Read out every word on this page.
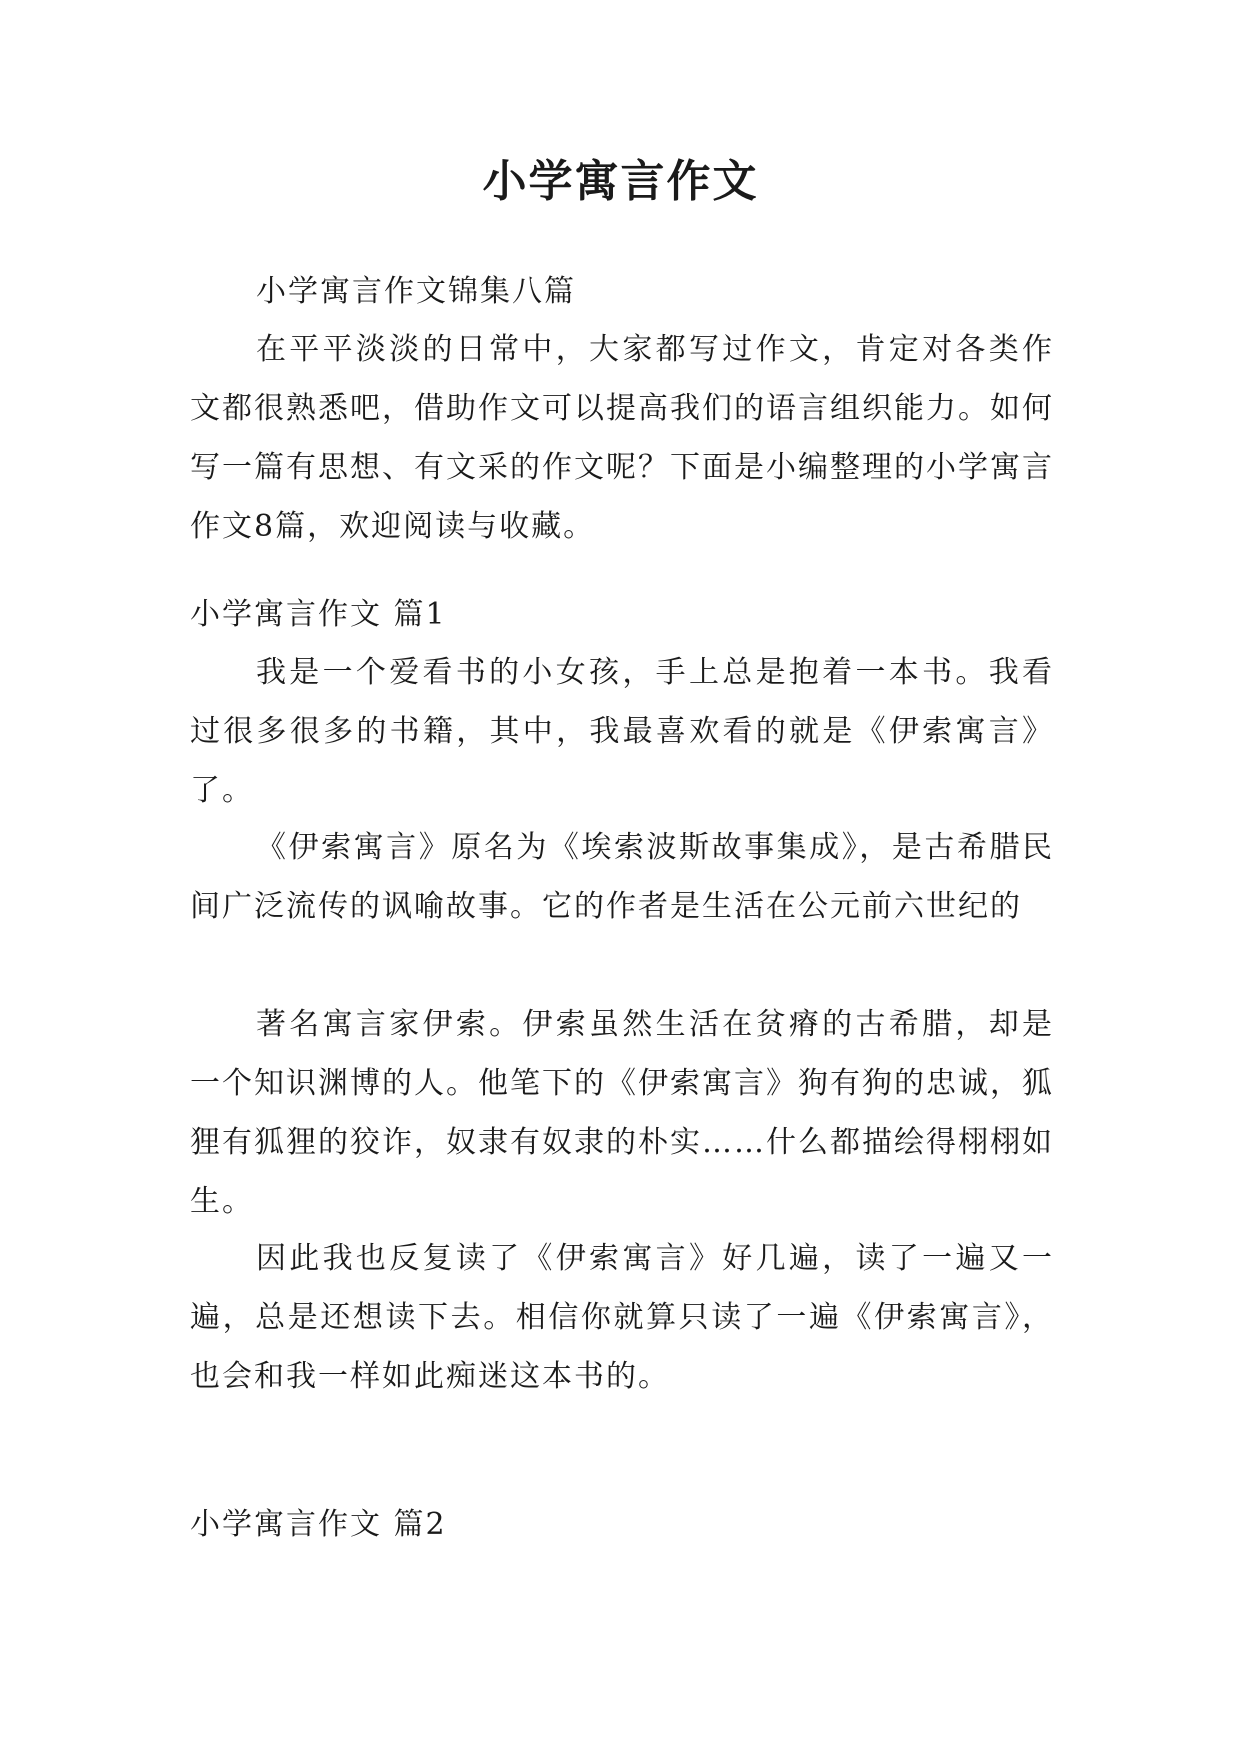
小学寓言作文

小学寓言作文锦集八篇

在平平淡淡的日常中，大家都写过作文，肯定对各类作文都很熟悉吧，借助作文可以提高我们的语言组织能力。如何写一篇有思想、有文采的作文呢？下面是小编整理的小学寓言作文8篇，欢迎阅读与收藏。

小学寓言作文 篇1

我是一个爱看书的小女孩，手上总是抱着一本书。我看过很多很多的书籍，其中，我最喜欢看的就是《伊索寓言》了。

《伊索寓言》原名为《埃索波斯故事集成》，是古希腊民间广泛流传的讽喻故事。它的作者是生活在公元前六世纪的

著名寓言家伊索。伊索虽然生活在贫瘠的古希腊，却是一个知识渊博的人。他笔下的《伊索寓言》狗有狗的忠诚，狐狸有狐狸的狡诈，奴隶有奴隶的朴实……什么都描绘得栩栩如生。

因此我也反复读了《伊索寓言》好几遍，读了一遍又一遍，总是还想读下去。相信你就算只读了一遍《伊索寓言》，也会和我一样如此痴迷这本书的。

小学寓言作文 篇2
